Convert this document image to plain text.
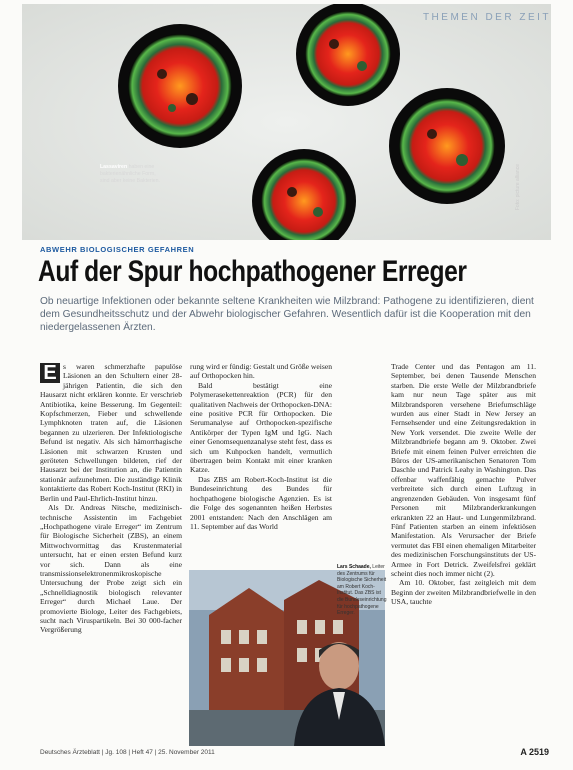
Lassaviren haben eine bakterienähnliche Form, sind aber keine Bakterien.	Foto: picture alliance
THEMEN DER ZEIT
ABWEHR BIOLOGISCHER GEFAHREN
Auf der Spur hochpathogener Erreger
Ob neuartige Infektionen oder bekannte seltene Krankheiten wie Milzbrand: Pathogene zu identifizieren, dient dem Gesundheitsschutz und der Abwehr biologischer Gefahren. Wesentlich dafür ist die Kooperation mit den niedergelassenen Ärzten.
E s waren schmerzhafte papulöse Läsionen an den Schultern einer 28-jährigen Patientin, die sich den Hausarzt nicht erklären konnte. Er verschrieb Antibiotika, keine Besserung. Im Gegenteil: Kopfschmerzen, Fieber und schwellende Lymphknoten traten auf, die Läsionen begannen zu ulzerieren. Der Infektiologische Befund ist negativ. Als sich hämorrhagische Läsionen mit schwarzen Krusten und geröteten Schwellungen bildeten, rief der Hausarzt bei der Institution an, die Patientin stationär aufzunehmen. Die zuständige Klinik kontaktierte das Robert Koch-Institut (RKI) in Berlin und Paul-Ehrlich-Institut hinzu.

Als Dr. Andreas Nitsche, medizinisch-technische Assistentin im Fachgebiet „Hochpathogene virale Erreger“ im Zentrum für Biologische Sicherheit (ZBS), an einem Mittwochvormittag das Krustenmaterial untersucht, hat er einen ersten Befund kurz vor sich. Dann als eine transmissionselektronenmikroskopische Untersuchung der Probe zeigt sich ein „Schnelldiagnostik biologisch relevanter Erreger“ durch Michael Laue. Der promovierte Biologe, Leiter des Fachgebiets, sucht nach Viruspartikeln. Bei 30 000-facher Vergrößerung

rung wird er fündig: Gestalt und Größe weisen auf Orthopocken hin.

Bald bestätigt eine Polymerasekettenreaktion (PCR) für den qualitativen Nachweis der Orthopocken-DNA: eine positive PCR für Orthopocken. Die Serumanalyse auf Orthopocken-spezifische Antikörper der Typen IgM und IgG. Nach einer Genomsequenzanalyse steht fest, dass es sich um Kuhpocken handelt, vermutlich übertragen beim Kontakt mit einer kranken Katze.

Das ZBS am Robert-Koch-Institut ist die Bundeseinrichtung des Bundes für hochpathogene biologische Agenzien. Es ist die Folge des sogenannten heißen Herbstes 2001 entstanden: Nach den Anschlägen am 11. September auf das World

Trade Center und das Pentagon am 11. September, bei denen Tausende Menschen starben. Die erste Welle der Milzbrandbriefe kam nur neun Tage später aus mit Milzbrandsporen versehene Briefumschläge wurden aus einer Stadt in New Jersey an Fernsehsender und eine Zeitungsredaktion in New York versendet. Die zweite Welle der Milzbrandbriefe begann am 9. Oktober. Zwei Briefe mit einem feinen Pulver erreichten die Büros der US-amerikanischen Senatoren Tom Daschle und Patrick Leahy in Washington. Das offenbar waffenfähig gemachte Pulver verbreitete sich durch einen Luftzug in angrenzenden Gebäuden. Von insgesamt fünf Personen mit Milzbranderkrankungen erkrankten 22 an Haut- und Lungenmilzbrand. Fünf Patienten starben an einem infektiösen Manifestation. Als Verursacher der Briefe vermutet das FBI einen ehemaligen Mitarbeiter des medizinischen Forschungsinstituts der US-Armee in Fort Detrick. Zweifelsfrei geklärt scheint dies noch immer nicht (2).

Am 10. Oktober, fast zeitgleich mit dem Beginn der zweiten Milzbrandbriefwelle in den USA, tauchte

Lars Schaade, Leiter des Zentrums für Biologische Sicherheit am Robert Koch-Institut. Das ZBS ist die Bundeseinrichtung für hochpathogene Erreger.
Deutsches Ärzteblatt | Jg. 108 | Heft 47 | 25. November 2011	A 2519
